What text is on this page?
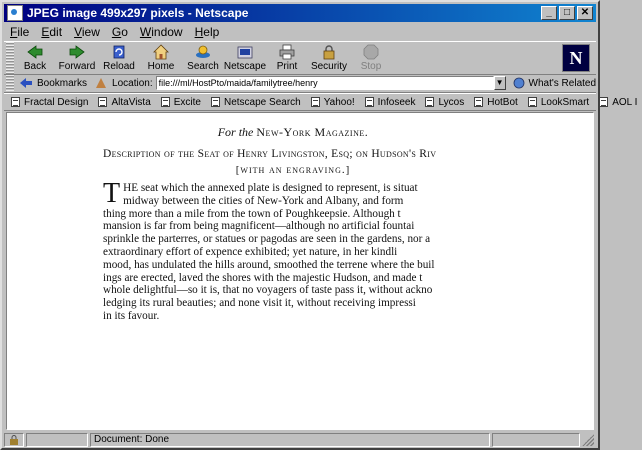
JPEG image 499x297 pixels - Netscape	_	□	✕
File	Edit	View	Go	Window	Help
Back Forward Reload Home Search Netscape Print Security Stop	N
Bookmarks	Location: file:///ml/HostPto/maida/familytree/henry	▼	What's Related
Fractal Design AltaVista Excite Netscape Search Yahoo! Infoseek Lycos HotBot LookSmart AOL I
For the New-York Magazine.
Description of the Seat of Henry Livingston, Esq; on Hudson's Riv
[with an engraving.]
T HE seat which the annexed plate is designed to represent, is situat
midway between the cities of New-York and Albany, and form
thing more than a mile from the town of Poughkeepsie. Although t
mansion is far from being magnificent—although no artificial fountai
sprinkle the parterres, or statues or pagodas are seen in the gardens, nor a
extraordinary effort of expence exhibited; yet nature, in her kindli
mood, has undulated the hills around, smoothed the terrene where the buil
ings are erected, laved the shores with the majestic Hudson, and made t
whole delightful—so it is, that no voyagers of taste pass it, without ackno
ledging its rural beauties; and none visit it, without receiving impressi
in its favour.
Document: Done
